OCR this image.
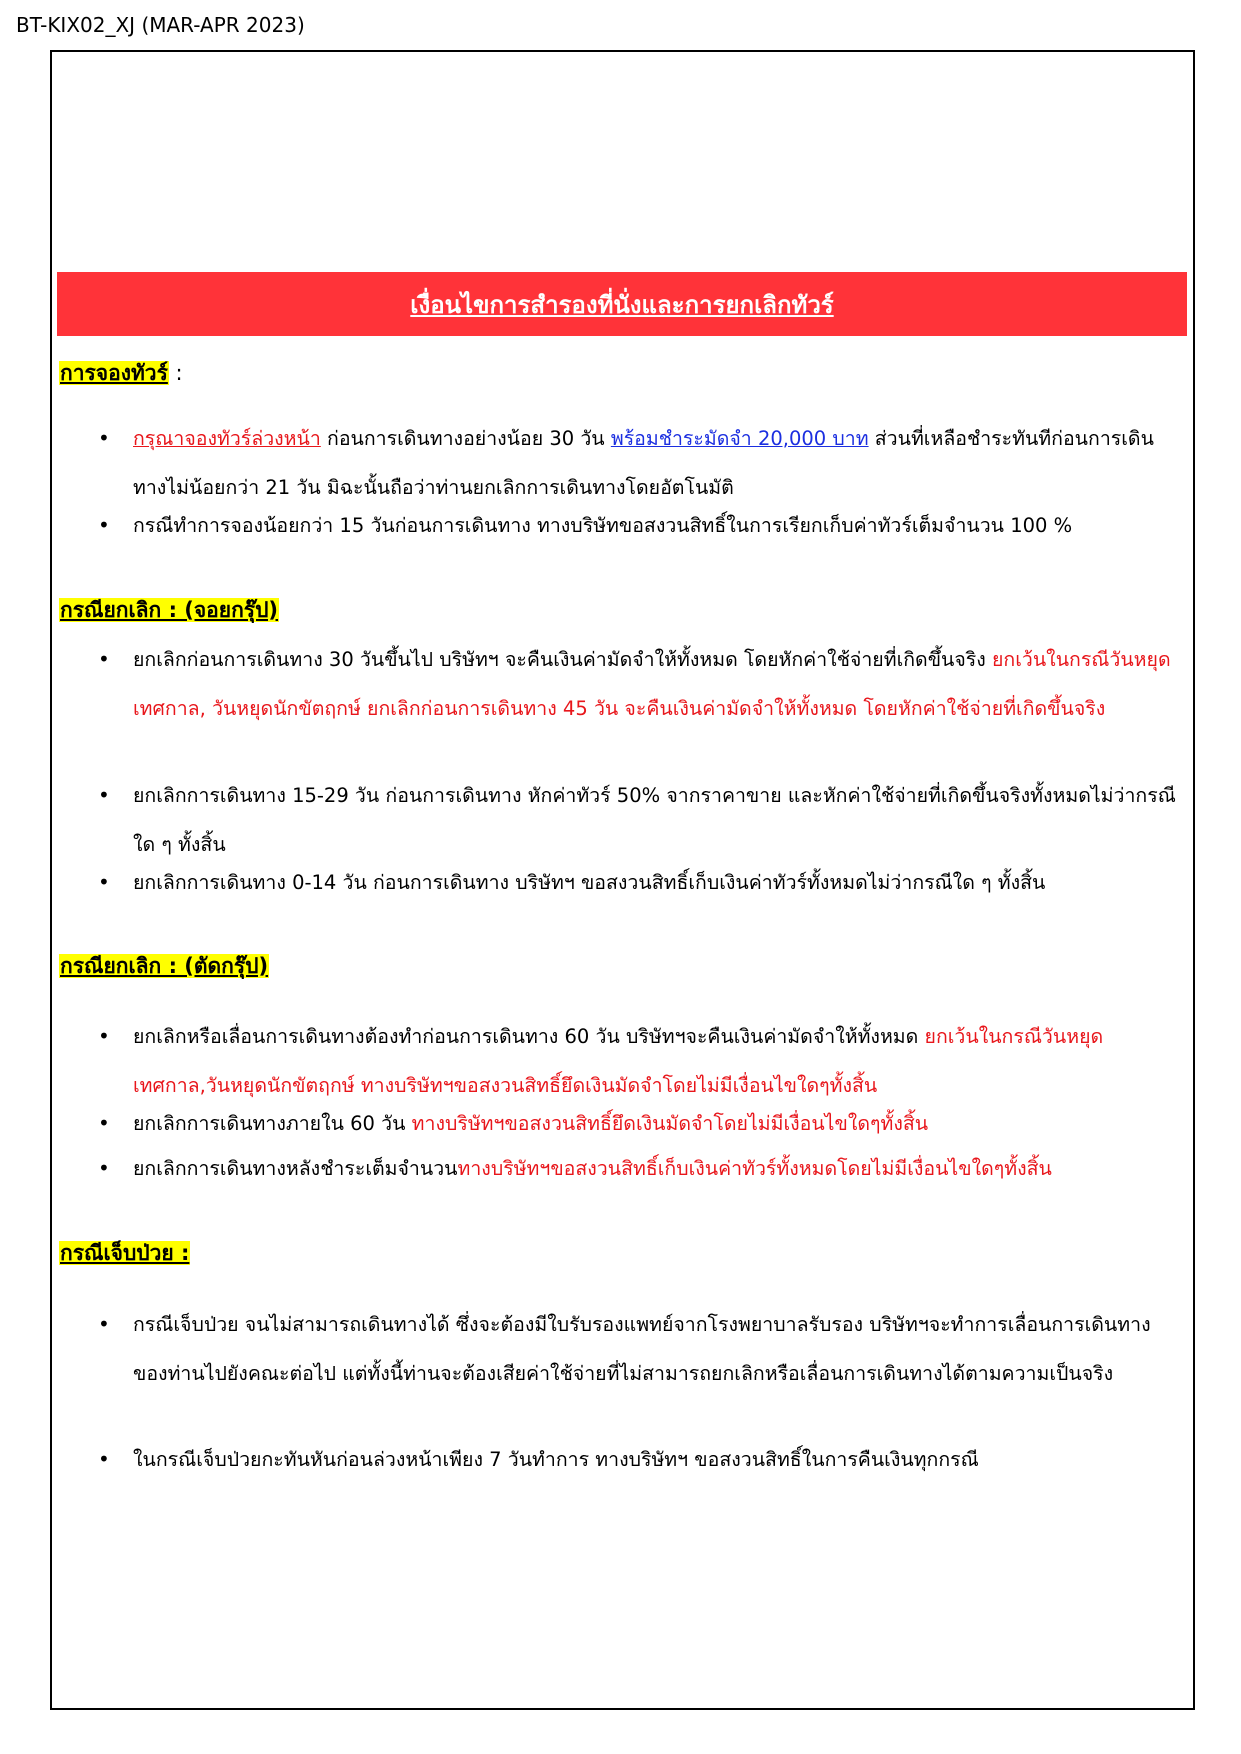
BT-KIX02_XJ (MAR-APR 2023)
เงื่อนไขการสำรองที่นั่งและการยกเลิกทัวร์
การจองทัวร์ :
•	กรุณาจองทัวร์ล่วงหน้า ก่อนการเดินทางอย่างน้อย 30 วัน พร้อมชำระมัดจำ 20,000 บาท ส่วนที่เหลือชำระทันทีก่อนการเดินทางไม่น้อยกว่า 21 วัน มิฉะนั้นถือว่าท่านยกเลิกการเดินทางโดยอัตโนมัติ
•	กรณีทำการจองน้อยกว่า 15 วันก่อนการเดินทาง ทางบริษัทขอสงวนสิทธิ์ในการเรียกเก็บค่าทัวร์เต็มจำนวน 100 %
กรณียกเลิก : (จอยกรุ๊ป)
•	ยกเลิกก่อนการเดินทาง 30 วันขึ้นไป บริษัทฯ จะคืนเงินค่ามัดจำให้ทั้งหมด โดยหักค่าใช้จ่ายที่เกิดขึ้นจริง ยกเว้นในกรณีวันหยุดเทศกาล, วันหยุดนักขัตฤกษ์ ยกเลิกก่อนการเดินทาง 45 วัน จะคืนเงินค่ามัดจำให้ทั้งหมด โดยหักค่าใช้จ่ายที่เกิดขึ้นจริง
•	ยกเลิกการเดินทาง 15-29 วัน ก่อนการเดินทาง หักค่าทัวร์ 50% จากราคาขาย และหักค่าใช้จ่ายที่เกิดขึ้นจริงทั้งหมดไม่ว่ากรณีใด ๆ ทั้งสิ้น
•	ยกเลิกการเดินทาง 0-14 วัน ก่อนการเดินทาง บริษัทฯ ขอสงวนสิทธิ์เก็บเงินค่าทัวร์ทั้งหมดไม่ว่ากรณีใด ๆ ทั้งสิ้น
กรณียกเลิก : (ตัดกรุ๊ป)
•	ยกเลิกหรือเลื่อนการเดินทางต้องทำก่อนการเดินทาง 60 วัน บริษัทฯจะคืนเงินค่ามัดจำให้ทั้งหมด ยกเว้นในกรณีวันหยุดเทศกาล,วันหยุดนักขัตฤกษ์ ทางบริษัทฯขอสงวนสิทธิ์ยึดเงินมัดจำโดยไม่มีเงื่อนไขใดๆทั้งสิ้น
•	ยกเลิกการเดินทางภายใน 60 วัน ทางบริษัทฯขอสงวนสิทธิ์ยึดเงินมัดจำโดยไม่มีเงื่อนไขใดๆทั้งสิ้น
•	ยกเลิกการเดินทางหลังชำระเต็มจำนวนทางบริษัทฯขอสงวนสิทธิ์เก็บเงินค่าทัวร์ทั้งหมดโดยไม่มีเงื่อนไขใดๆทั้งสิ้น
กรณีเจ็บป่วย :
•	กรณีเจ็บป่วย จนไม่สามารถเดินทางได้ ซึ่งจะต้องมีใบรับรองแพทย์จากโรงพยาบาลรับรอง บริษัทฯจะทำการเลื่อนการเดินทางของท่านไปยังคณะต่อไป แต่ทั้งนี้ท่านจะต้องเสียค่าใช้จ่ายที่ไม่สามารถยกเลิกหรือเลื่อนการเดินทางได้ตามความเป็นจริง
•	ในกรณีเจ็บป่วยกะทันหันก่อนล่วงหน้าเพียง 7 วันทำการ ทางบริษัทฯ ขอสงวนสิทธิ์ในการคืนเงินทุกกรณี
